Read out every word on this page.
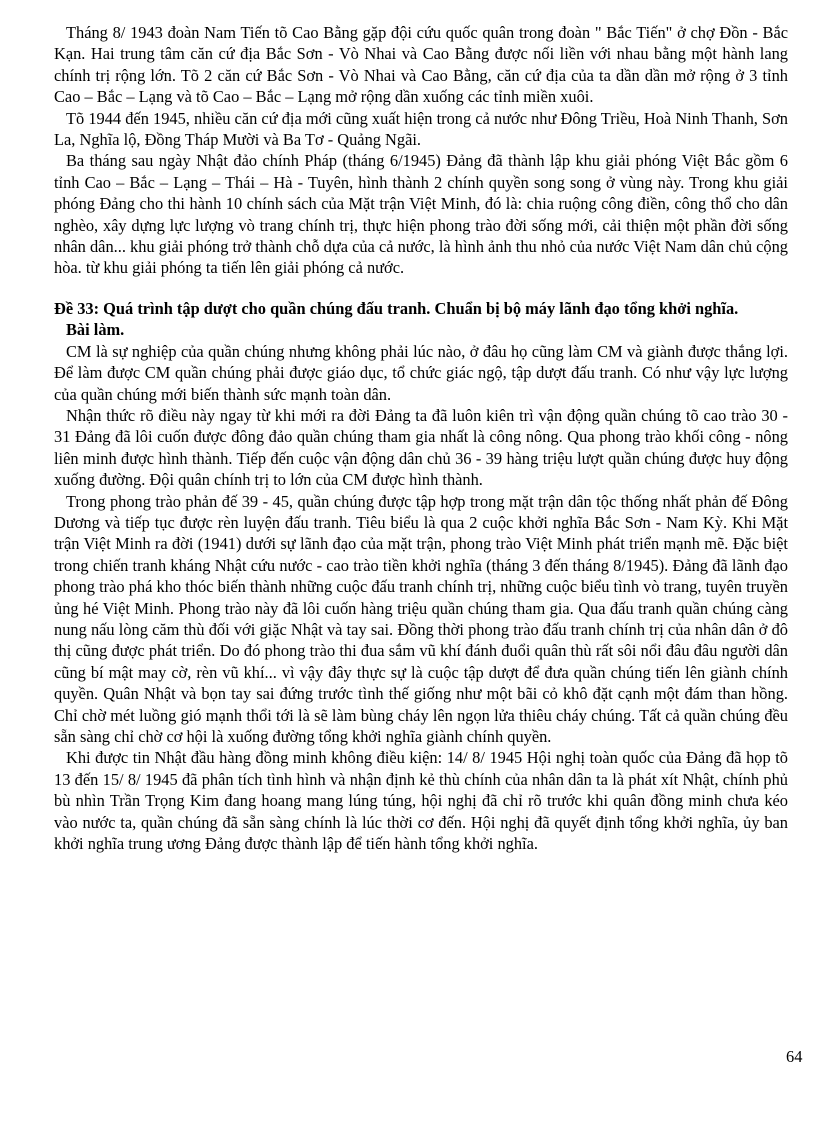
Tháng 8/ 1943 đoàn Nam Tiến tõ Cao Bằng gặp đội cứu quốc quân trong đoàn " Bắc Tiến" ở chợ Đồn - Bắc Kạn. Hai trung tâm căn cứ địa Bắc Sơn - Vò Nhai và Cao Bằng được nối liền với nhau bằng một hành lang chính trị rộng lớn. Tõ 2 căn cứ Bắc Sơn - Vò Nhai và Cao Bằng, căn cứ địa của ta dần dần mở rộng ở 3 tỉnh Cao – Bắc – Lạng và tõ Cao – Bắc – Lạng mở rộng dần xuống các tỉnh miền xuôi.

Tõ 1944 đến 1945, nhiều căn cứ địa mới cũng xuất hiện trong cả nước như Đông Triều, Hoà Ninh Thanh, Sơn La, Nghĩa lộ, Đồng Tháp Mười và Ba Tơ - Quảng Ngãi.

Ba tháng sau ngày Nhật đảo chính Pháp (tháng 6/1945) Đảng đã thành lập khu giải phóng Việt Bắc gồm 6 tỉnh Cao – Bắc – Lạng – Thái – Hà - Tuyên, hình thành 2 chính quyền song song ở vùng này. Trong khu giải phóng Đảng cho thi hành 10 chính sách của Mặt trận Việt Minh, đó là: chia ruộng công điền, công thổ cho dân nghèo, xây dựng lực lượng vò trang chính trị, thực hiện phong trào đời sống mới, cải thiện một phần đời sống nhân dân... khu giải phóng trở thành chỗ dựa của cả nước, là hình ảnh thu nhỏ của nước Việt Nam dân chủ cộng hòa. từ khu giải phóng ta tiến lên giải phóng cả nước.

Đề 33: Quá trình tập dượt cho quần chúng đấu tranh. Chuẩn bị bộ máy lãnh đạo tổng khởi nghĩa.

Bài làm.

CM là sự nghiệp của quần chúng nhưng không phải lúc nào, ở đâu họ cũng làm CM và giành được thắng lợi. Để làm được CM quần chúng phải được giáo dục, tổ chức giác ngộ, tập dượt đấu tranh. Có như vậy lực lượng của quần chúng mới biến thành sức mạnh toàn dân.

Nhận thức rõ điều này ngay từ khi mới ra đời Đảng ta đã luôn kiên trì vận động quần chúng tõ cao trào 30 - 31 Đảng đã lôi cuốn được đông đảo quần chúng tham gia nhất là công nông. Qua phong trào khối công - nông liên minh được hình thành. Tiếp đến cuộc vận động dân chủ 36 - 39 hàng triệu lượt quần chúng được huy động xuống đường. Đội quân chính trị to lớn của CM được hình thành.

Trong phong trào phản đế 39 - 45, quần chúng được tập hợp trong mặt trận dân tộc thống nhất phản đế Đông Dương và tiếp tục được rèn luyện đấu tranh. Tiêu biểu là qua 2 cuộc khởi nghĩa Bắc Sơn - Nam Kỳ. Khi Mặt trận Việt Minh ra đời (1941) dưới sự lãnh đạo của mặt trận, phong trào Việt Minh phát triển mạnh mẽ. Đặc biệt trong chiến tranh kháng Nhật cứu nước - cao trào tiền khởi nghĩa (tháng 3 đến tháng 8/1945). Đảng đã lãnh đạo phong trào phá kho thóc biến thành những cuộc đấu tranh chính trị, những cuộc biểu tình vò trang, tuyên truyền ủng hé Việt Minh. Phong trào này đã lôi cuốn hàng triệu quần chúng tham gia. Qua đấu tranh quần chúng càng nung nấu lòng căm thù đối với giặc Nhật và tay sai. Đồng thời phong trào đấu tranh chính trị của nhân dân ở đô thị cũng được phát triển. Do đó phong trào thi đua sắm vũ khí đánh đuổi quân thù rất sôi nổi đâu đâu người dân cũng bí mật may cờ, rèn vũ khí... vì vậy đây thực sự là cuộc tập dượt để đưa quần chúng tiến lên giành chính quyền. Quân Nhật và bọn tay sai đứng trước tình thế giống như một bãi cỏ khô đặt cạnh một đám than hồng. Chỉ chờ mét luồng gió mạnh thổi tới là sẽ làm bùng cháy lên ngọn lửa thiêu cháy chúng. Tất cả quần chúng đều sẵn sàng chỉ chờ cơ hội là xuống đường tổng khởi nghĩa giành chính quyền.

Khi được tin Nhật đầu hàng đồng minh không điều kiện: 14/ 8/ 1945 Hội nghị toàn quốc của Đảng đã họp tõ 13 đến 15/ 8/ 1945 đã phân tích tình hình và nhận định kẻ thù chính của nhân dân ta là phát xít Nhật, chính phủ bù nhìn Trần Trọng Kim đang hoang mang lúng túng, hội nghị đã chỉ rõ trước khi quân đồng minh chưa kéo vào nước ta, quần chúng đã sẵn sàng chính là lúc thời cơ đến. Hội nghị đã quyết định tổng khởi nghĩa, ủy ban khởi nghĩa trung ương Đảng được thành lập để tiến hành tổng khởi nghĩa.

64
